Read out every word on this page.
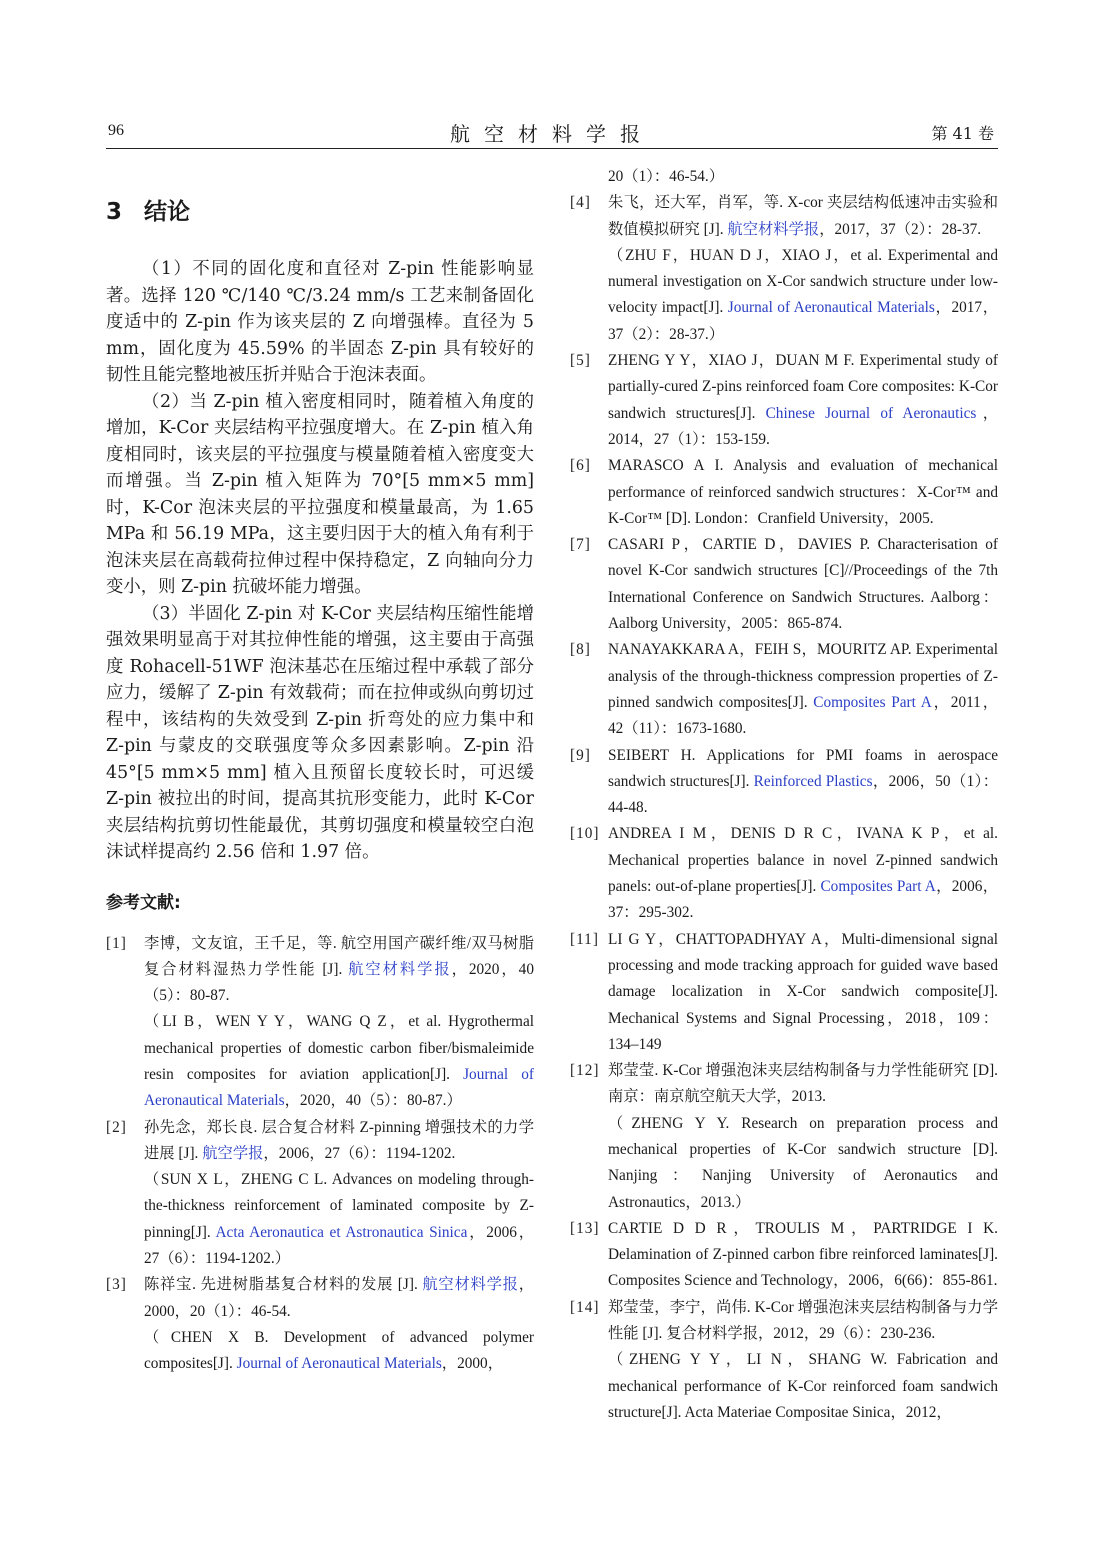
96	航空材料学报	第 41 卷
3 结论

（1）不同的固化度和直径对 Z-pin 性能影响显著。选择 120 ℃/140 ℃/3.24 mm/s 工艺来制备固化度适中的 Z-pin 作为该夹层的 Z 向增强棒。直径为 5 mm，固化度为 45.59% 的半固态 Z-pin 具有较好的韧性且能完整地被压折并贴合于泡沫表面。

（2）当 Z-pin 植入密度相同时，随着植入角度的增加，K-Cor 夹层结构平拉强度增大。在 Z-pin 植入角度相同时，该夹层的平拉强度与模量随着植入密度变大而增强。当 Z-pin 植入矩阵为 70°[5 mm×5 mm] 时，K-Cor 泡沫夹层的平拉强度和模量最高，为 1.65 MPa 和 56.19 MPa，这主要归因于大的植入角有利于泡沫夹层在高载荷拉伸过程中保持稳定，Z 向轴向分力变小，则 Z-pin 抗破坏能力增强。

（3）半固化 Z-pin 对 K-Cor 夹层结构压缩性能增强效果明显高于对其拉伸性能的增强，这主要由于高强度 Rohacell-51WF 泡沫基芯在压缩过程中承载了部分应力，缓解了 Z-pin 有效载荷；而在拉伸或纵向剪切过程中，该结构的失效受到 Z-pin 折弯处的应力集中和 Z-pin 与蒙皮的交联强度等众多因素影响。Z-pin 沿 45°[5 mm×5 mm] 植入且预留长度较长时，可迟缓 Z-pin 被拉出的时间，提高其抗形变能力，此时 K-Cor 夹层结构抗剪切性能最优，其剪切强度和模量较空白泡沫试样提高约 2.56 倍和 1.97 倍。

参考文献:
[1] 李博，文友谊，王千足，等. 航空用国产碳纤维/双马树脂复合材料湿热力学性能 [J]. 航空材料学报，2020，40（5）：80-87.
（LI B，WEN Y Y，WANG Q Z，et al. Hygrothermal mechanical properties of domestic carbon fiber/bismaleimide resin composites for aviation application[J]. Journal of Aeronautical Materials，2020，40（5）：80-87.）
[2] 孙先念，郑长良. 层合复合材料 Z-pinning 增强技术的力学进展 [J]. 航空学报，2006，27（6）：1194-1202.
（SUN X L，ZHENG C L. Advances on modeling through-the-thickness reinforcement of laminated composite by Z-pinning[J]. Acta Aeronautica et Astronautica Sinica，2006，27（6）：1194-1202.）
[3] 陈祥宝. 先进树脂基复合材料的发展 [J]. 航空材料学报，2000，20（1）：46-54.
（CHEN X B. Development of advanced polymer composites[J]. Journal of Aeronautical Materials，2000，
20（1）：46-54.）
[4] 朱飞，还大军，肖军，等. X-cor 夹层结构低速冲击实验和数值模拟研究 [J]. 航空材料学报，2017，37（2）：28-37.
（ZHU F，HUAN D J，XIAO J，et al. Experimental and numeral investigation on X-Cor sandwich structure under low-velocity impact[J]. Journal of Aeronautical Materials，2017，37（2）：28-37.）
[5] ZHENG Y Y，XIAO J，DUAN M F. Experimental study of partially-cured Z-pins reinforced foam Core composites: K-Cor sandwich structures[J]. Chinese Journal of Aeronautics，2014，27（1）：153-159.
[6] MARASCO A I. Analysis and evaluation of mechanical performance of reinforced sandwich structures：X-Cor™ and K-Cor™ [D]. London：Cranfield University，2005.
[7] CASARI P，CARTIE D，DAVIES P. Characterisation of novel K-Cor sandwich structures [C]//Proceedings of the 7th International Conference on Sandwich Structures. Aalborg：Aalborg University，2005：865-874.
[8] NANAYAKKARA A，FEIH S，MOURITZ AP. Experimental analysis of the through-thickness compression properties of Z-pinned sandwich composites[J]. Composites Part A，2011，42（11）：1673-1680.
[9] SEIBERT H. Applications for PMI foams in aerospace sandwich structures[J]. Reinforced Plastics，2006，50（1）：44-48.
[10] ANDREA I M，DENIS D R C，IVANA K P，et al. Mechanical properties balance in novel Z-pinned sandwich panels: out-of-plane properties[J]. Composites Part A，2006，37：295-302.
[11] LI G Y，CHATTOPADHYAY A，Multi-dimensional signal processing and mode tracking approach for guided wave based damage localization in X-Cor sandwich composite[J]. Mechanical Systems and Signal Processing，2018，109：134–149
[12] 郑莹莹. K-Cor 增强泡沫夹层结构制备与力学性能研究 [D]. 南京：南京航空航天大学，2013.
（ZHENG Y Y. Research on preparation process and mechanical properties of K-Cor sandwich structure [D]. Nanjing：Nanjing University of Aeronautics and Astronautics，2013.）
[13] CARTIE D D R，TROULIS M，PARTRIDGE I K. Delamination of Z-pinned carbon fibre reinforced laminates[J]. Composites Science and Technology，2006，6(66)：855-861.
[14] 郑莹莹，李宁，尚伟. K-Cor 增强泡沫夹层结构制备与力学性能 [J]. 复合材料学报，2012，29（6）：230-236.
（ZHENG Y Y，LI N，SHANG W. Fabrication and mechanical performance of K-Cor reinforced foam sandwich structure[J]. Acta Materiae Compositae Sinica，2012，
